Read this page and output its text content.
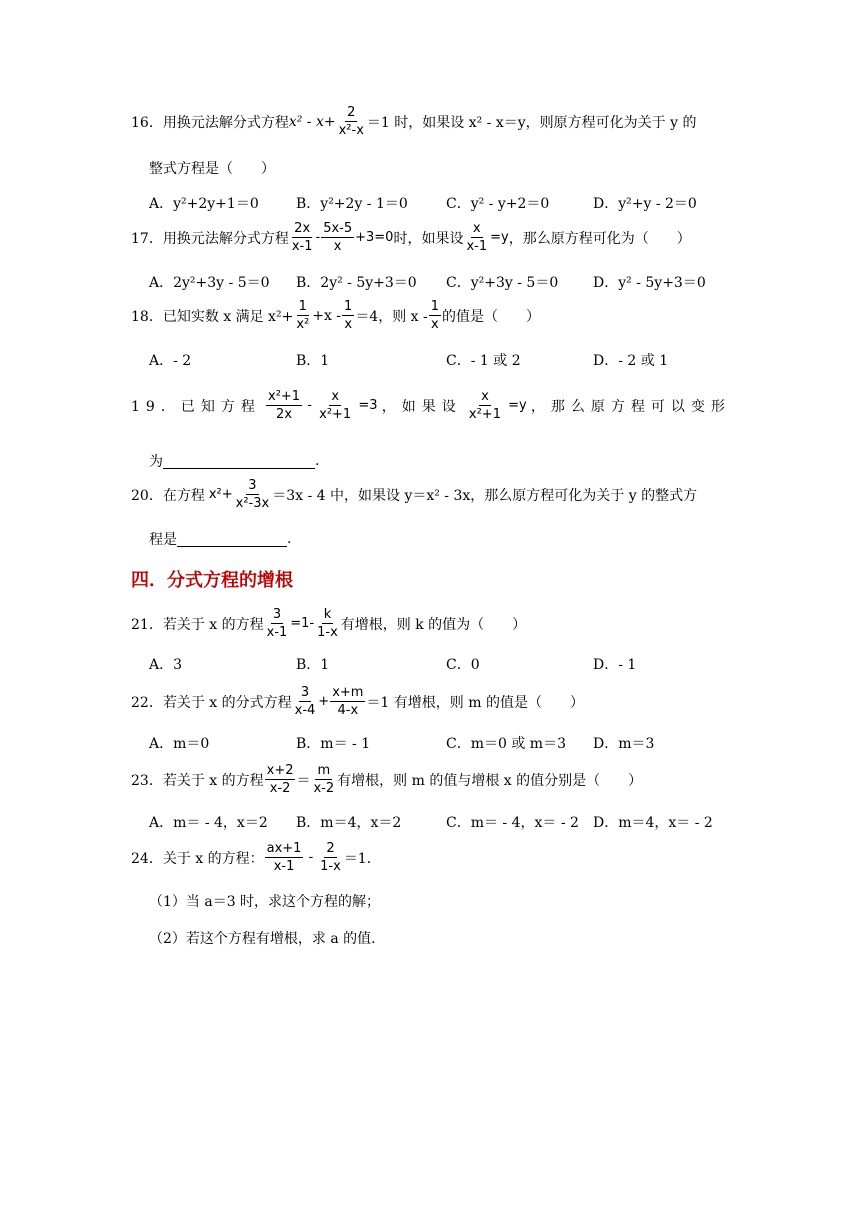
16．用换元法解分式方程 $x^2 - x+ \frac{2}{\text{x²-x}} =1$ 时，如果设 x² - x＝y，则原方程可化为关于 y 的
整式方程是（　　）
A．y²+2y+1＝0	B．y²+2y - 1＝0	C．y² - y+2＝0	D．y²+y - 2＝0
17．用换元法解分式方程 $\frac{2x}{x-1} - \frac{5x-5}{x} +3=0$ 时，如果设 $\frac{x}{x-1} =y$ ，那么原方程可化为（　　）
A．2y²+3y - 5＝0 B．2y² - 5y+3＝0 C．y²+3y - 5＝0 D．y² - 5y+3＝0
18．已知实数 x 满足 $x^2+ \frac{1}{\text{x²}} +x - \frac{1}{x} =4$，则 x - $\frac{1}{x}$ 的值是（　　）
A．- 2	B．1	C．- 1 或 2	D．- 2 或 1
19．已知方程 $\frac{\text{x²+1}}{2x} - \frac{x}{\text{x²+1}} =3$ ，如果设 $\frac{x}{\text{x²+1}} =y$ ，那么原方程可以变形
为	.
20．在方程 $x^2+ \frac{3}{\text{x²-3x}} =3x - 4$ 中，如果设 y＝x² - 3x，那么原方程可化为关于 y 的整式方
程是	.
四．分式方程的增根
21．若关于 x 的方程 $\frac{3}{x-1} =1- \frac{k}{1-x}$ 有增根，则 k 的值为（　　）
A．3	B．1	C．0	D．- 1
22．若关于 x 的分式方程 $\frac{3}{x-4} + \frac{x+m}{4-x} =1$ 有增根，则 m 的值是（　　）
A．m＝0	B．m＝ - 1	C．m＝0 或 m＝3 D．m＝3
23．若关于 x 的方程 $\frac{x+2}{x-2} = \frac{m}{x-2}$ 有增根，则 m 的值与增根 x 的值分别是（　　）
A．m＝ - 4，x＝2 B．m＝4，x＝2	C．m＝ - 4，x＝ - 2 D．m＝4，x＝ - 2
24．关于 x 的方程： $\frac{ax+1}{x-1} - \frac{2}{1-x} =1$．
（1）当 a＝3 时，求这个方程的解；
（2）若这个方程有增根，求 a 的值．
